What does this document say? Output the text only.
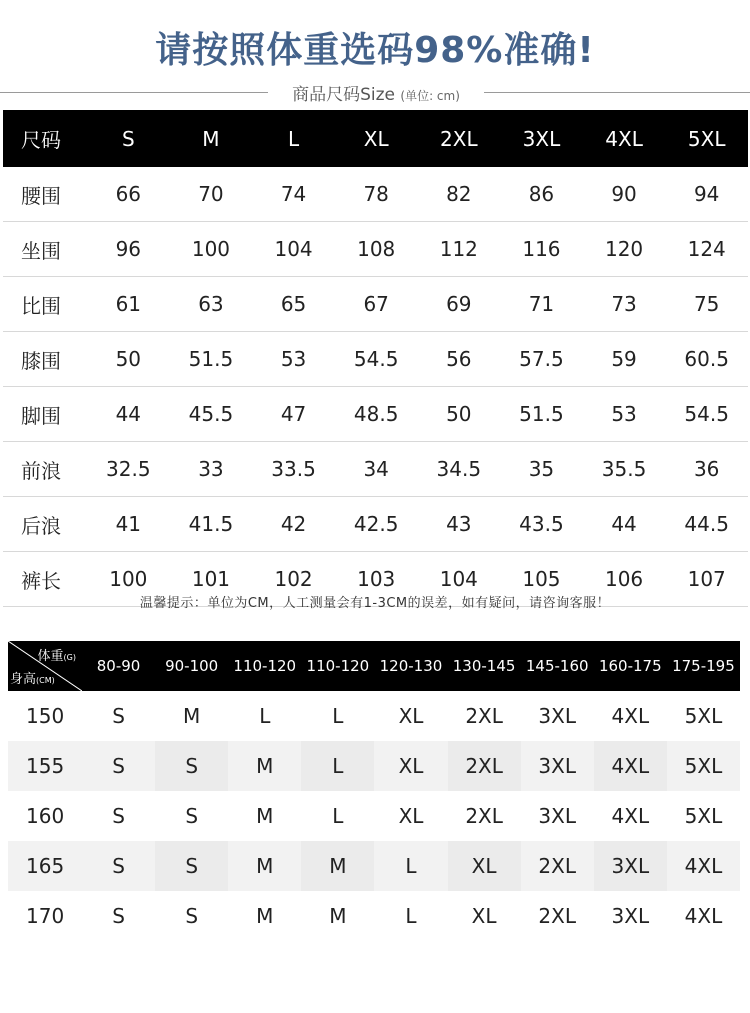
请按照体重选码98%准确!
商品尺码Size (单位: cm)
尺码	S	M	L	XL	2XL	3XL	4XL	5XL
腰围	66	70	74	78	82	86	90	94
坐围	96	100	104	108	112	116	120	124
比围	61	63	65	67	69	71	73	75
膝围	50	51.5	53	54.5	56	57.5	59	60.5
脚围	44	45.5	47	48.5	50	51.5	53	54.5
前浪	32.5	33	33.5	34	34.5	35	35.5	36
后浪	41	41.5	42	42.5	43	43.5	44	44.5
裤长	100	101	102	103	104	105	106	107
温馨提示：单位为CM，人工测量会有1-3CM的误差，如有疑问，请咨询客服！
体重(G)
身高(CM)	80-90	90-100	110-120	110-120	120-130	130-145	145-160	160-175	175-195
150	S	M	L	L	XL	2XL	3XL	4XL	5XL
155	S	S	M	L	XL	2XL	3XL	4XL	5XL
160	S	S	M	L	XL	2XL	3XL	4XL	5XL
165	S	S	M	M	L	XL	2XL	3XL	4XL
170	S	S	M	M	L	XL	2XL	3XL	4XL
